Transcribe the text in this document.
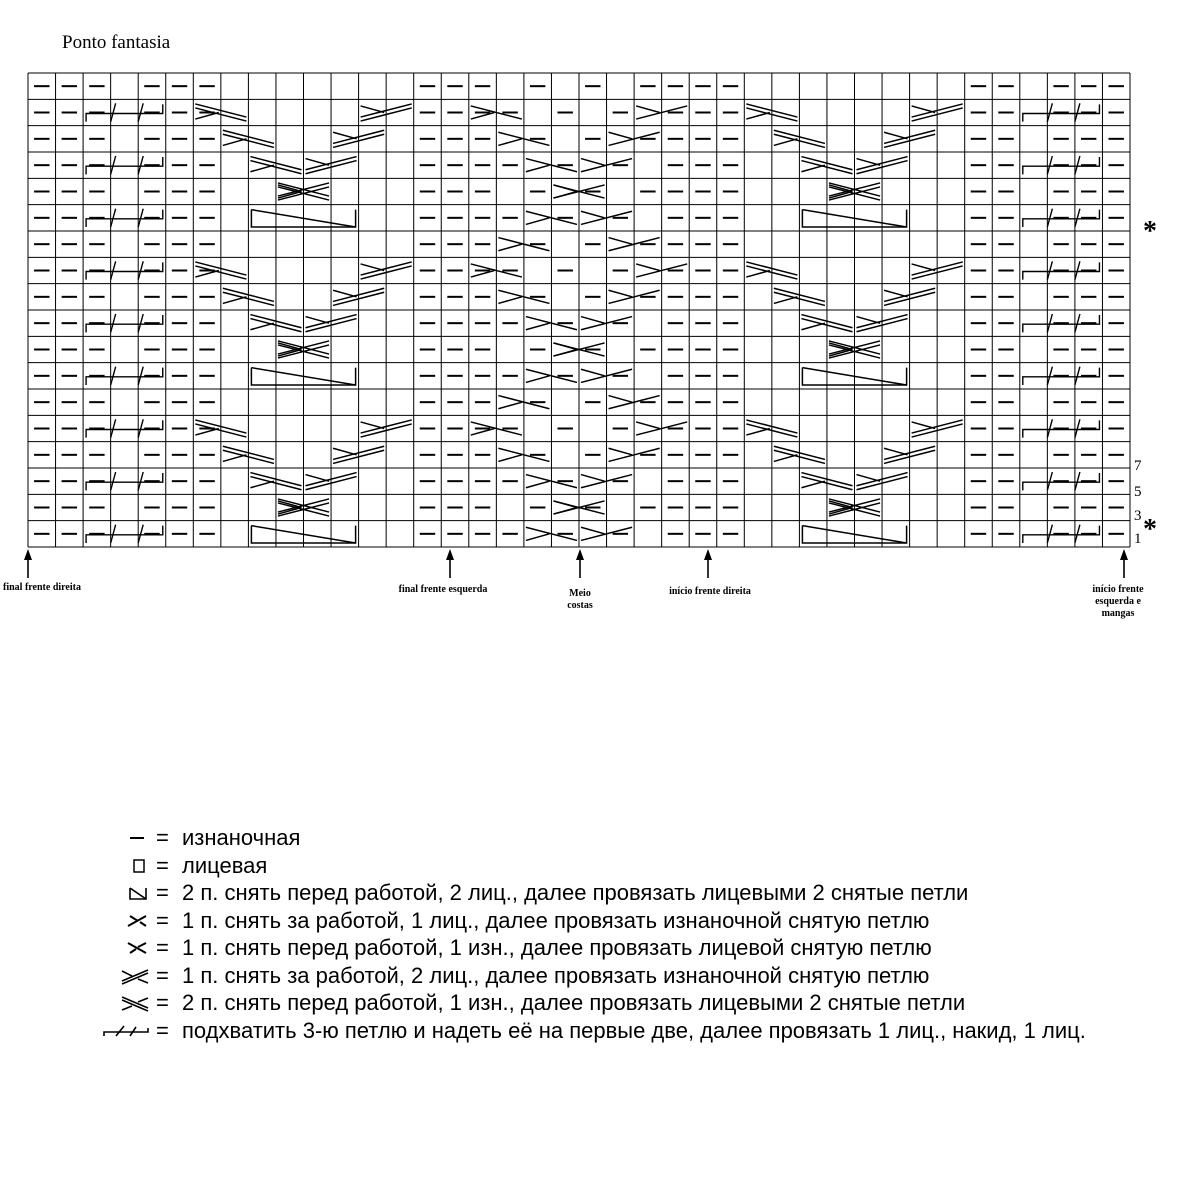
Ponto fantasia
7
5
3
1
*
*
final frente direita	final frente esquerda	Meio costas
início frente direita	início frente esquerda e mangas
= изнаночная
= лицевая
= 2 п. снять перед работой, 2 лиц., далее провязать лицевыми 2 снятые петли
= 1 п. снять за работой, 1 лиц., далее провязать изнаночной снятую петлю
= 1 п. снять перед работой, 1 изн., далее провязать лицевой снятую петлю
= 1 п. снять за работой, 2 лиц., далее провязать изнаночной снятую петлю
= 2 п. снять перед работой, 1 изн., далее провязать лицевыми 2 снятые петли
= подхватить 3-ю петлю и надеть её на первые две, далее провязать 1 лиц., накид, 1 лиц.
